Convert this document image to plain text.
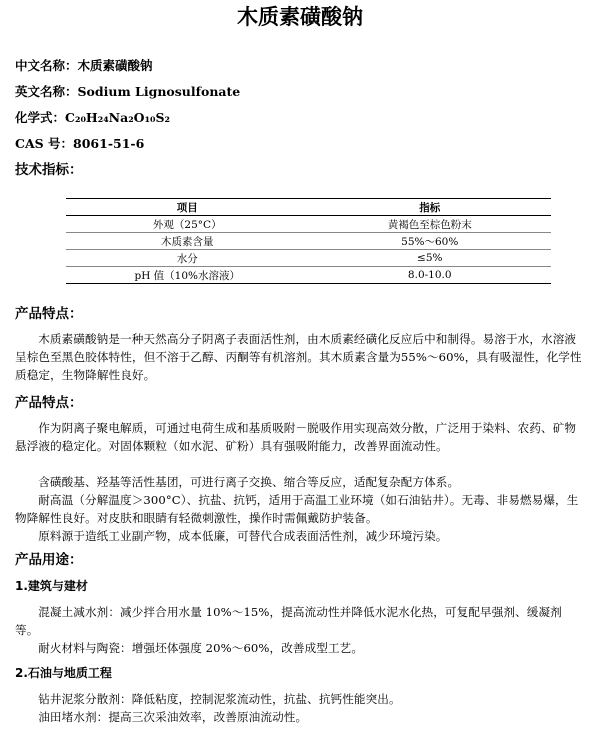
木质素磺酸钠
中文名称：木质素磺酸钠
英文名称：Sodium Lignosulfonate
化学式：C₂₀H₂₄Na₂O₁₀S₂
CAS 号：8061-51-6
技术指标：
项目	指标
外观（25°C）	黄褐色至棕色粉末
木质素含量	55%～60%
水分	≤5%
pH 值（10%水溶液）	8.0-10.0
产品特点：
木质素磺酸钠是一种天然高分子阴离子表面活性剂，由木质素经磺化反应后中和制得。易溶于水，水溶液呈棕色至黑色胶体特性，但不溶于乙醇、丙酮等有机溶剂。其木质素含量为55%～60%，具有吸湿性，化学性质稳定，生物降解性良好。
产品特点：
作为阴离子聚电解质，可通过电荷生成和基质吸附－脱吸作用实现高效分散，广泛用于染料、农药、矿物悬浮液的稳定化。对固体颗粒（如水泥、矿粉）具有强吸附能力，改善界面流动性。
含磺酸基、羟基等活性基团，可进行离子交换、缩合等反应，适配复杂配方体系。
耐高温（分解温度＞300°C）、抗盐、抗钙，适用于高温工业环境（如石油钻井）。无毒、非易燃易爆，生物降解性良好。对皮肤和眼睛有轻微刺激性，操作时需佩戴防护装备。
原料源于造纸工业副产物，成本低廉，可替代合成表面活性剂，减少环境污染。
产品用途：
1.建筑与建材
混凝土减水剂：减少拌合用水量 10%～15%，提高流动性并降低水泥水化热，可复配早强剂、缓凝剂等。
耐火材料与陶瓷：增强坯体强度 20%～60%，改善成型工艺。
2.石油与地质工程
钻井泥浆分散剂：降低粘度，控制泥浆流动性，抗盐、抗钙性能突出。
油田堵水剂：提高三次采油效率，改善原油流动性。
